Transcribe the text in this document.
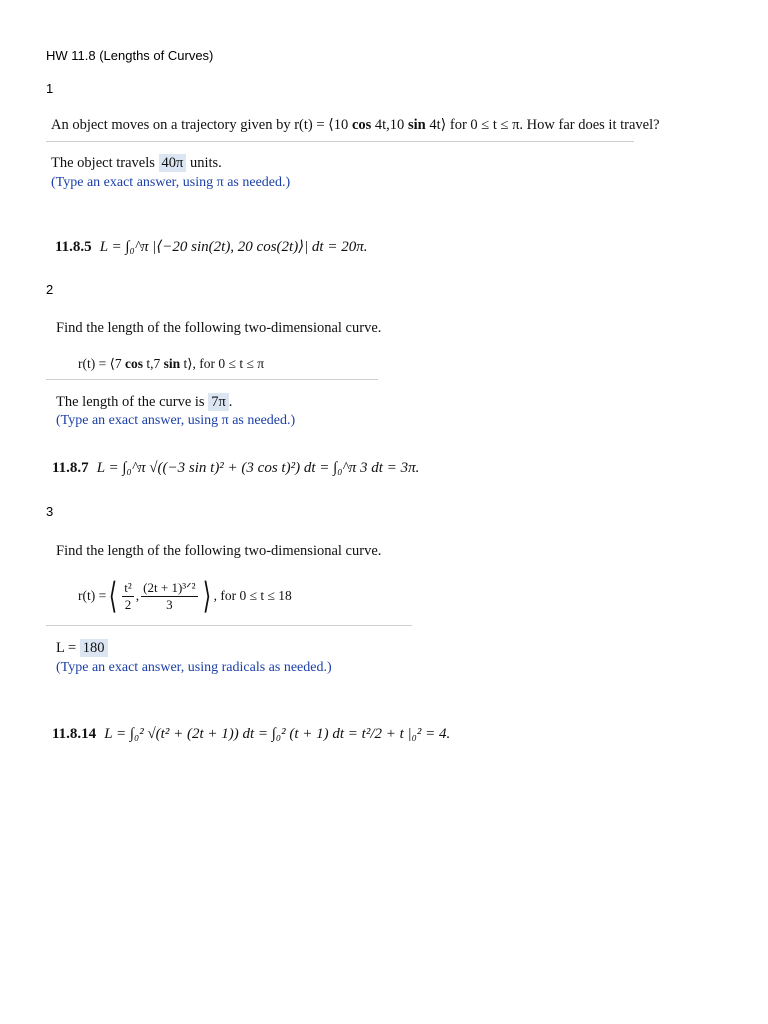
HW 11.8 (Lengths of Curves)
1
An object moves on a trajectory given by r(t) = ⟨10 cos 4t,10 sin 4t⟩ for 0 ≤ t ≤ π. How far does it travel?
The object travels 40π units.
(Type an exact answer, using π as needed.)
11.8.5 L = ∫₀^π |⟨−20 sin(2t), 20 cos(2t)⟩| dt = 20π.
2
Find the length of the following two-dimensional curve.
r(t) = ⟨7 cos t,7 sin t⟩, for 0 ≤ t ≤ π
The length of the curve is 7π .
(Type an exact answer, using π as needed.)
11.8.7 L = ∫₀^π √((−3 sin t)² + (3 cos t)²) dt = ∫₀^π 3 dt = 3π.
3
Find the length of the following two-dimensional curve.
r(t) = ⟨ $\frac{\text{t²}}{2}$ , $\frac{\text{(2t + 1)³ᐟ²}}{3}$ ⟩ , for 0 ≤ t ≤ 18
L = 180
(Type an exact answer, using radicals as needed.)
11.8.14 L = ∫₀² √(t² + (2t + 1)) dt = ∫₀² (t + 1) dt = t²/2 + t |₀² = 4.
